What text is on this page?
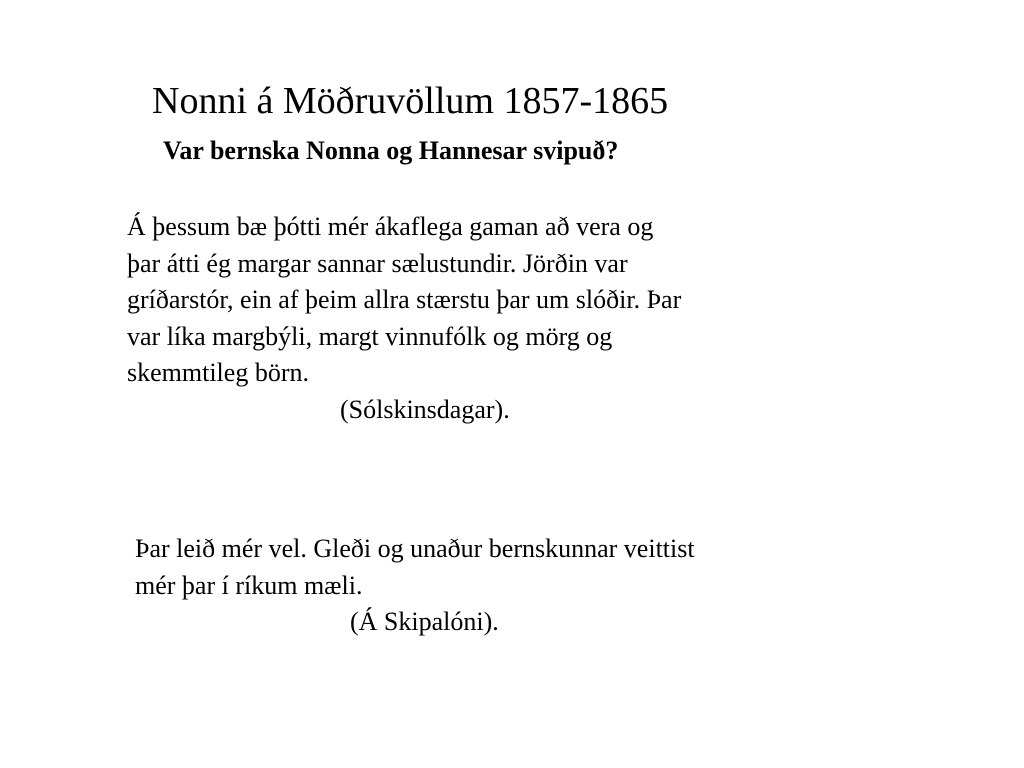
Nonni á Möðruvöllum 1857-1865
Var bernska Nonna og Hannesar svipuð?
Á þessum bæ þótti mér ákaflega gaman að vera og
þar átti ég margar sannar sælustundir. Jörðin var
gríðarstór, ein af þeim allra stærstu þar um slóðir. Þar
var líka margbýli, margt vinnufólk og mörg og
skemmtileg börn.
(Sólskinsdagar).
Þar leið mér vel. Gleði og unaður bernskunnar veittist
mér þar í ríkum mæli.
(Á Skipalóni).
